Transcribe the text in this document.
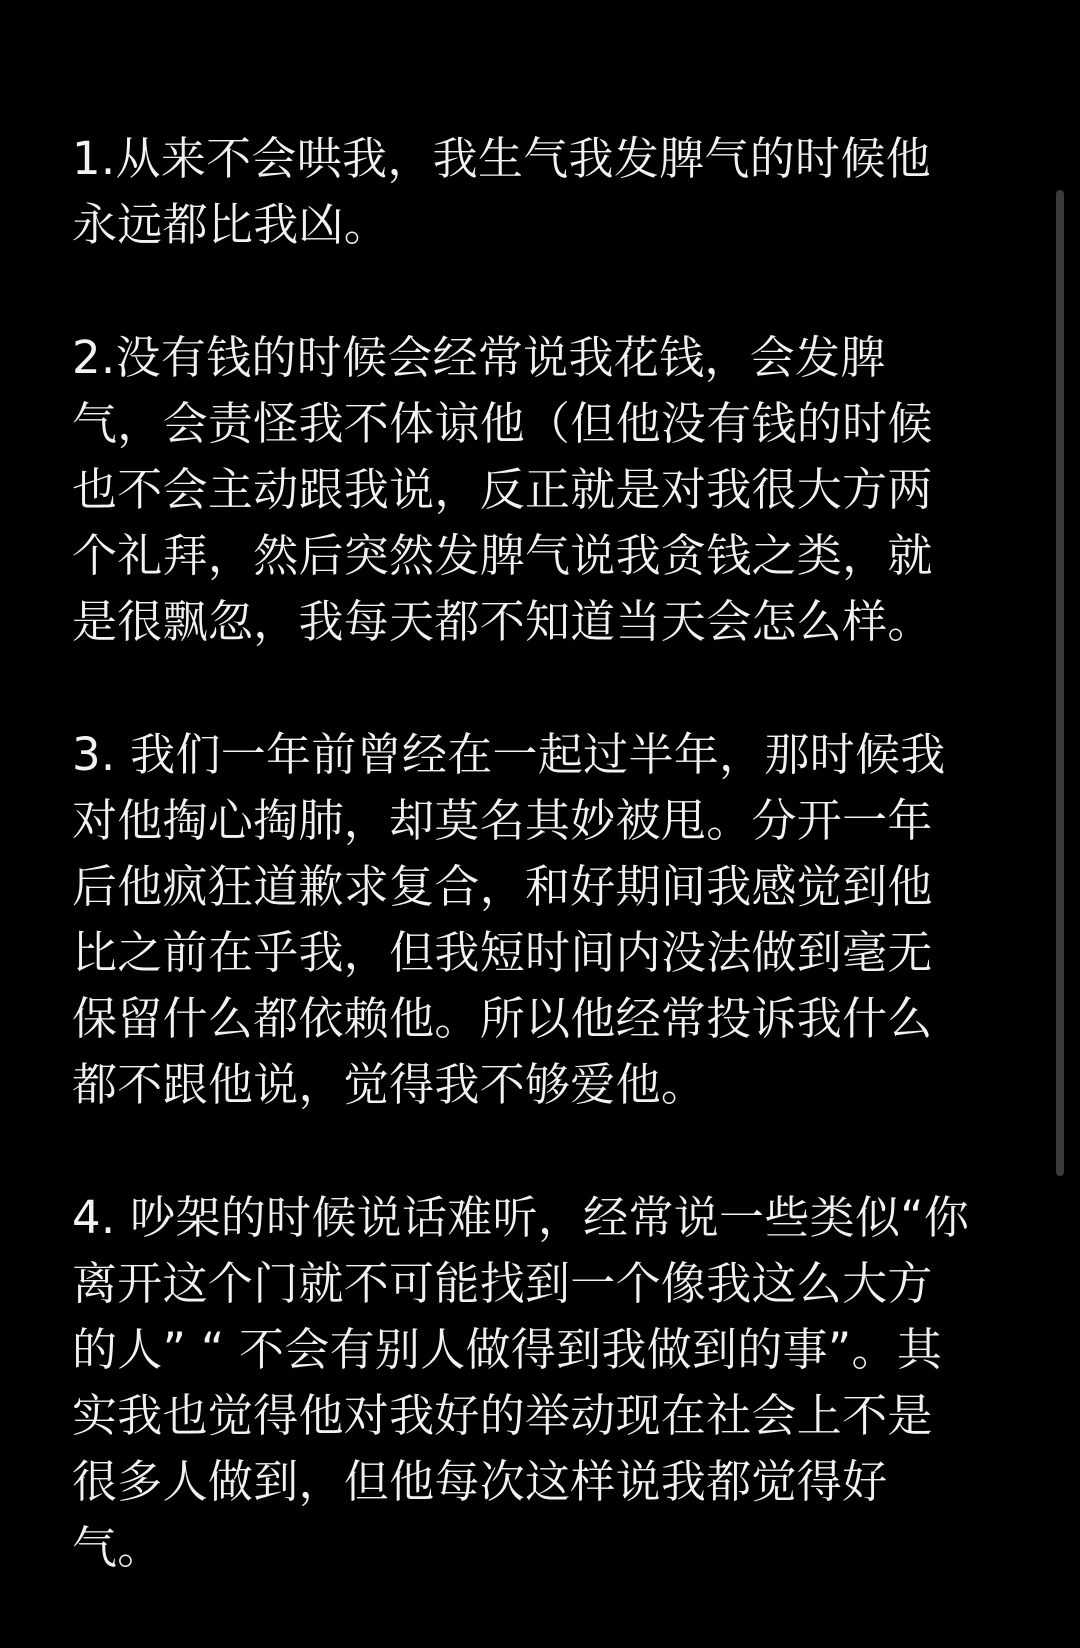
1.从来不会哄我，我生气我发脾气的时候他
永远都比我凶。
2.没有钱的时候会经常说我花钱，会发脾
气，会责怪我不体谅他（但他没有钱的时候
也不会主动跟我说，反正就是对我很大方两
个礼拜，然后突然发脾气说我贪钱之类，就
是很飘忽，我每天都不知道当天会怎么样。
3. 我们一年前曾经在一起过半年，那时候我
对他掏心掏肺，却莫名其妙被甩。分开一年
后他疯狂道歉求复合，和好期间我感觉到他
比之前在乎我，但我短时间内没法做到毫无
保留什么都依赖他。所以他经常投诉我什么
都不跟他说，觉得我不够爱他。
4. 吵架的时候说话难听，经常说一些类似“你
离开这个门就不可能找到一个像我这么大方
的人” “ 不会有别人做得到我做到的事”。其
实我也觉得他对我好的举动现在社会上不是
很多人做到，但他每次这样说我都觉得好
气。
